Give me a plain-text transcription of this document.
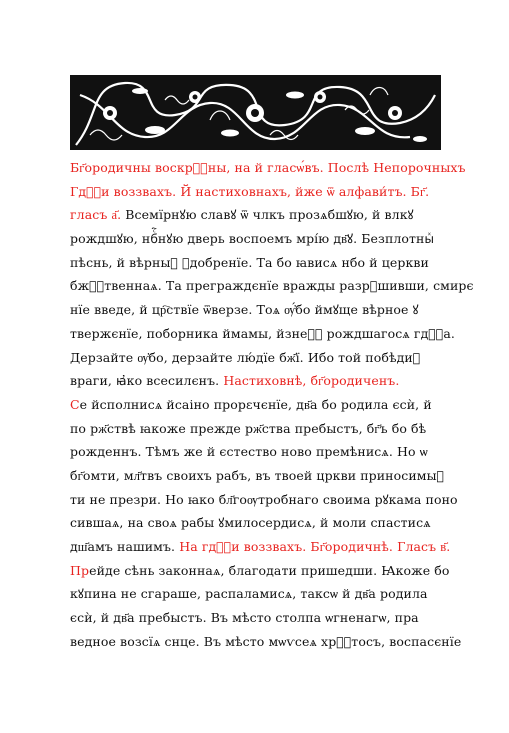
Бг҃ородичны воскрⷭ҇ны, на й гласѡ́въ. Послѣ Непорочныхъ
Гдⷭ҇и воззвахъ. Й настиховнахъ, йже ѿ алфави́тъ. Бг҃.
гласъ а҃. Всемїрнꙋю славꙋ ѿ члкъ прозѧбшꙋю, й влкꙋ
рождшꙋю, нбⷭ҇нꙋю дверь воспоемъ мрі́ю дв҃ꙋ. Безплотныⷯ
пѣснь, й вѣрныⷯ ꙋдобренїе. Та бо ꙗвисѧ нбо й церкви
бжⷭ҇твеннаѧ. Та преграждєнїе вражды разрꙋшивши, смирє
нїе введе, й цр҇ствїе ѿверзе. Тоѧ ѹ҆́бо ймꙋще вѣрнοе ꙋ
твержєнїе, поборника ймамы, йзнеⷭ҇ рождшагосѧ гдⷭ҇а.
Дерзайте ѹ҆бо, дерзайте лю́дїе бж҃ї. Ибо той побѣдиⷮ
враги, ꙗ҆ко всесилєнъ. Настиховнѣ, бг҃ородиченъ.
Се йсполнисѧ йсаіно прорεчєнїе, дв҃а бо родила єсѝ, й
по рж҃ствѣ ꙗкоже прежде рж҃ства пребыстъ, бг҃ъ бо бѣ
рожденнъ. Тѣмъ же й єстество ново премѣнисѧ. Но ѡ
бг҃омти, мл҃твъ своихъ рабъ, въ твоей цркви приносимыⷯ
ти не презри. Но ꙗко бл҃гоѹтробнаго своима рꙋкама поно
сившаѧ, на своѧ рабы ꙋмилосердисѧ, й моли спастисѧ
дш҃амъ нашимъ. На гдⷭ҇и воззвахъ. Бг҃ородичнѣ. Гласъ в҃.
Прейде сѣнь законнаѧ, благодати пришедши. Ꙗкоже бо
кꙋпина не сгараше, распаламисѧ, таксѡ й дв҃а родила
єсѝ, й дв҃а пребыстъ. Въ мѣсто столпа ѡгненагѡ, пра
ведное возсїѧ снце. Въ мѣсто мѡѵсеѧ хрⷭ҇тосъ, воспасєнїе
